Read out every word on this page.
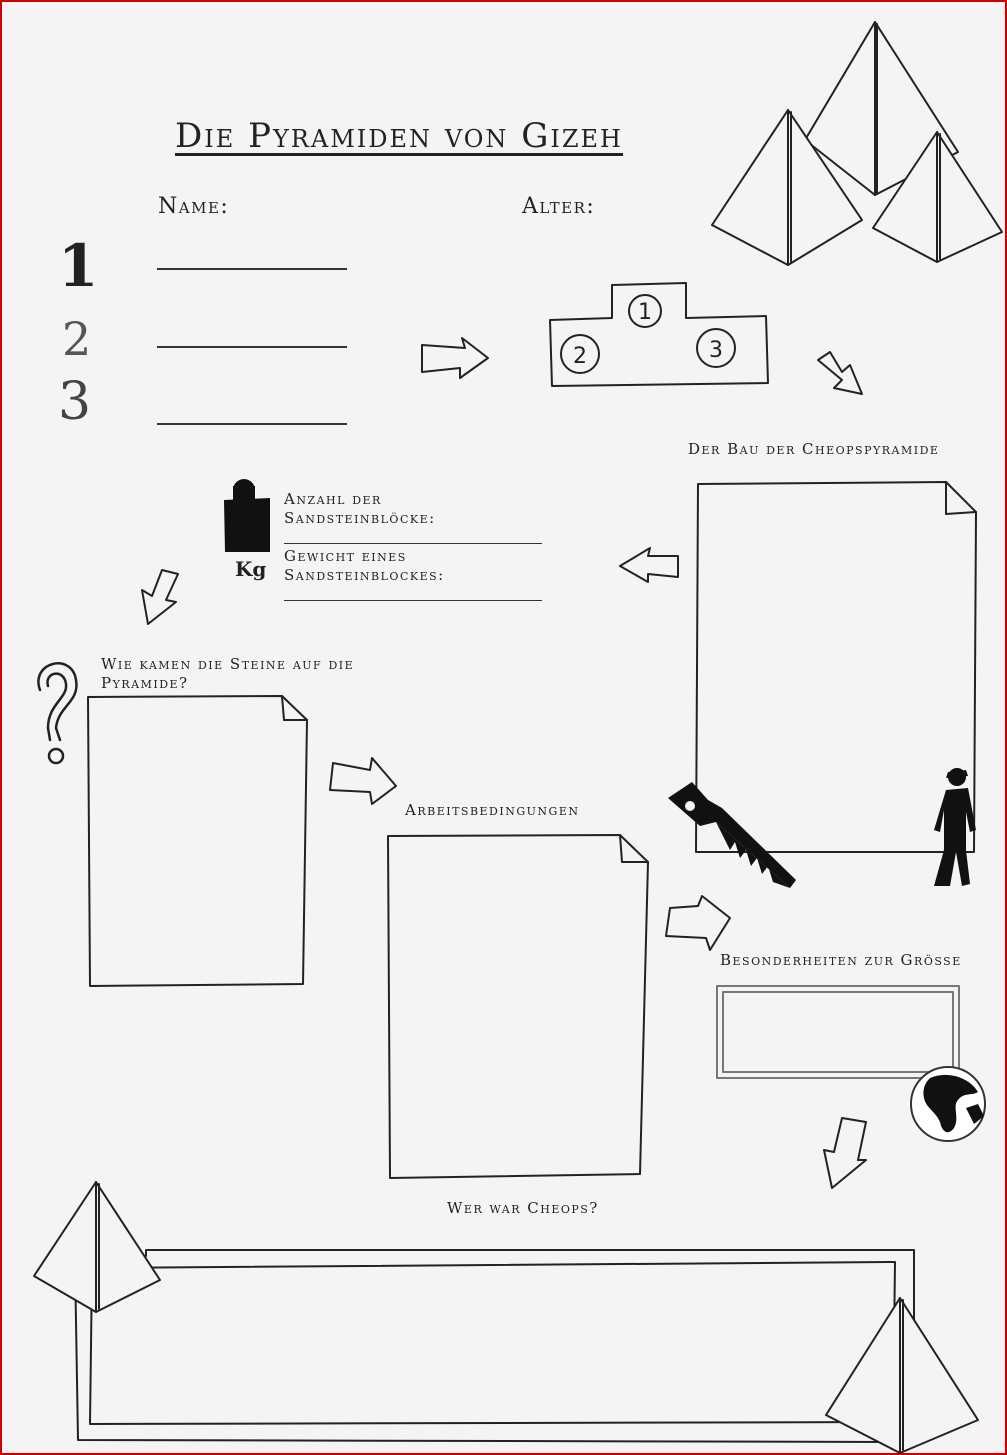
Die Pyramiden von Gizeh
Name:	Alter:
1
2
3
Der Bau der Cheopspyramide
Anzahl der Sandsteinblöcke:
Gewicht eines Sandsteinblockes:
Wie kamen die Steine auf die Pyramide?
Arbeitsbedingungen
Besonderheiten zur Grösse
Wer war Cheops?
Kg
1
2	3
